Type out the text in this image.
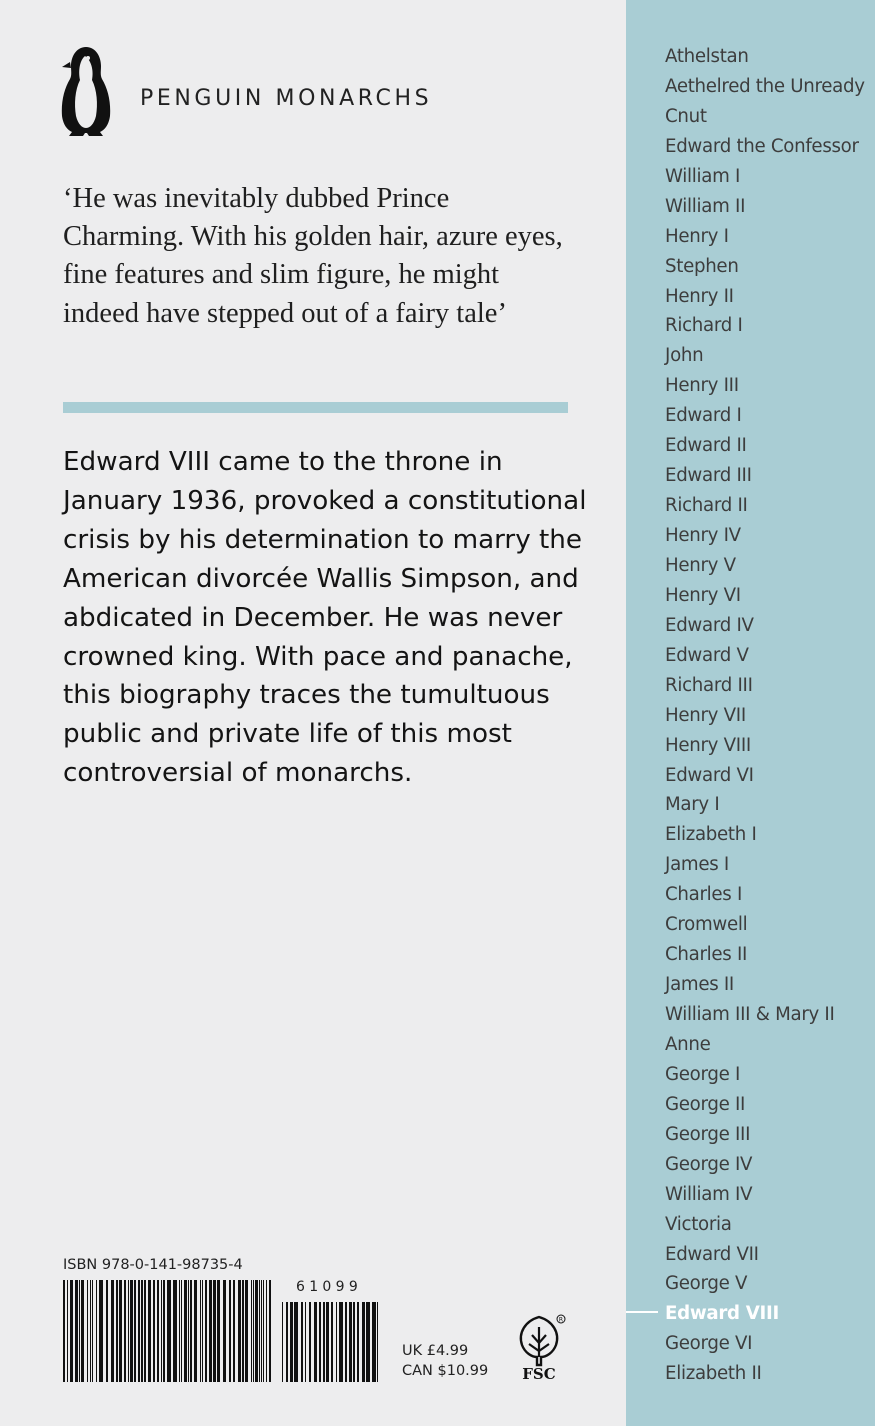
PENGUIN MONARCHS
‘He was inevitably dubbed Prince Charming. With his golden hair, azure eyes, fine features and slim figure, he might indeed have stepped out of a fairy tale’

Edward VIII came to the throne in January 1936, provoked a constitutional crisis by his determination to marry the American divorcée Wallis Simpson, and abdicated in December. He was never crowned king. With pace and panache, this biography traces the tumultuous public and private life of this most controversial of monarchs.

ISBN 978-0-141-98735-4
61099
UK £4.99
CAN $10.99
R
FSC
Athelstan
Aethelred the Unready
Cnut
Edward the Confessor
William I
William II
Henry I
Stephen
Henry II
Richard I
John
Henry III
Edward I
Edward II
Edward III
Richard II
Henry IV
Henry V
Henry VI
Edward IV
Edward V
Richard III
Henry VII
Henry VIII
Edward VI
Mary I
Elizabeth I
James I
Charles I
Cromwell
Charles II
James II
William III & Mary II
Anne
George I
George II
George III
George IV
William IV
Victoria
Edward VII
George V
Edward VIII
George VI
Elizabeth II
